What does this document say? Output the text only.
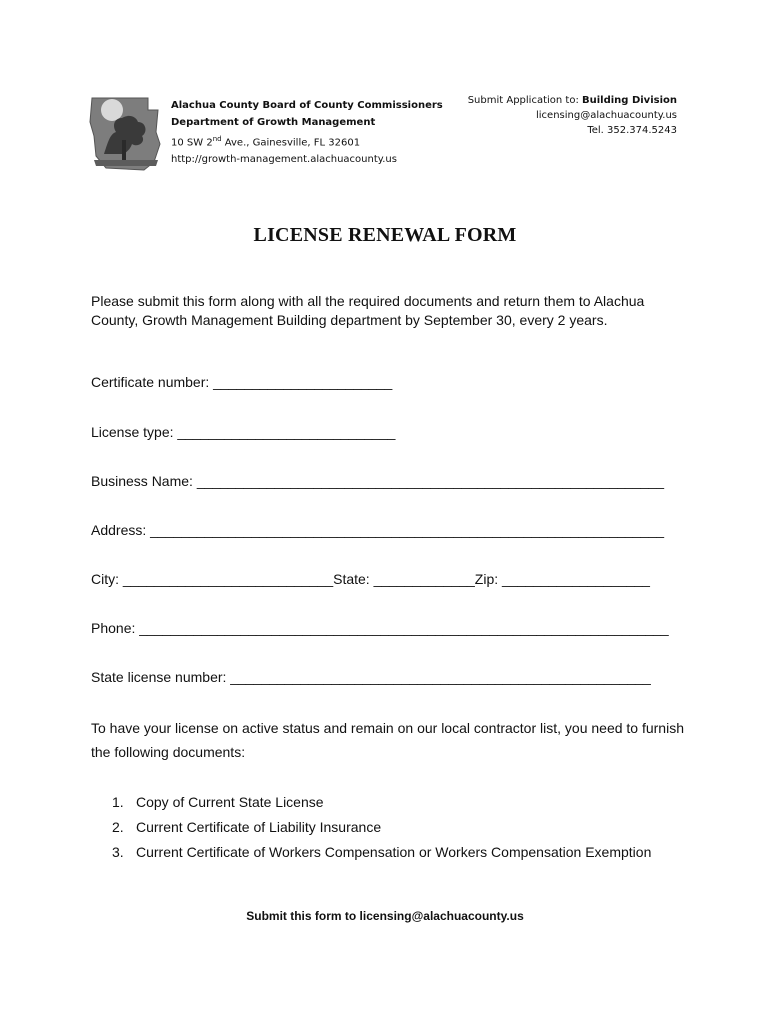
Alachua County Board of County Commissioners
Department of Growth Management
10 SW 2nd Ave., Gainesville, FL 32601
http://growth-management.alachuacounty.us
Submit Application to: Building Division
licensing@alachuacounty.us
Tel. 352.374.5243
LICENSE RENEWAL FORM
Please submit this form along with all the required documents and return them to Alachua
County, Growth Management Building department by September 30, every 2 years.
Certificate number: _______________________
License type: ____________________________
Business Name: ____________________________________________________________
Address: __________________________________________________________________
City: ___________________________State: _____________Zip: ___________________
Phone: ____________________________________________________________________
State license number: ______________________________________________________
To have your license on active status and remain on our local contractor list, you need to furnish
the following documents:
1. Copy of Current State License
2. Current Certificate of Liability Insurance
3. Current Certificate of Workers Compensation or Workers Compensation Exemption
Submit this form to licensing@alachuacounty.us
